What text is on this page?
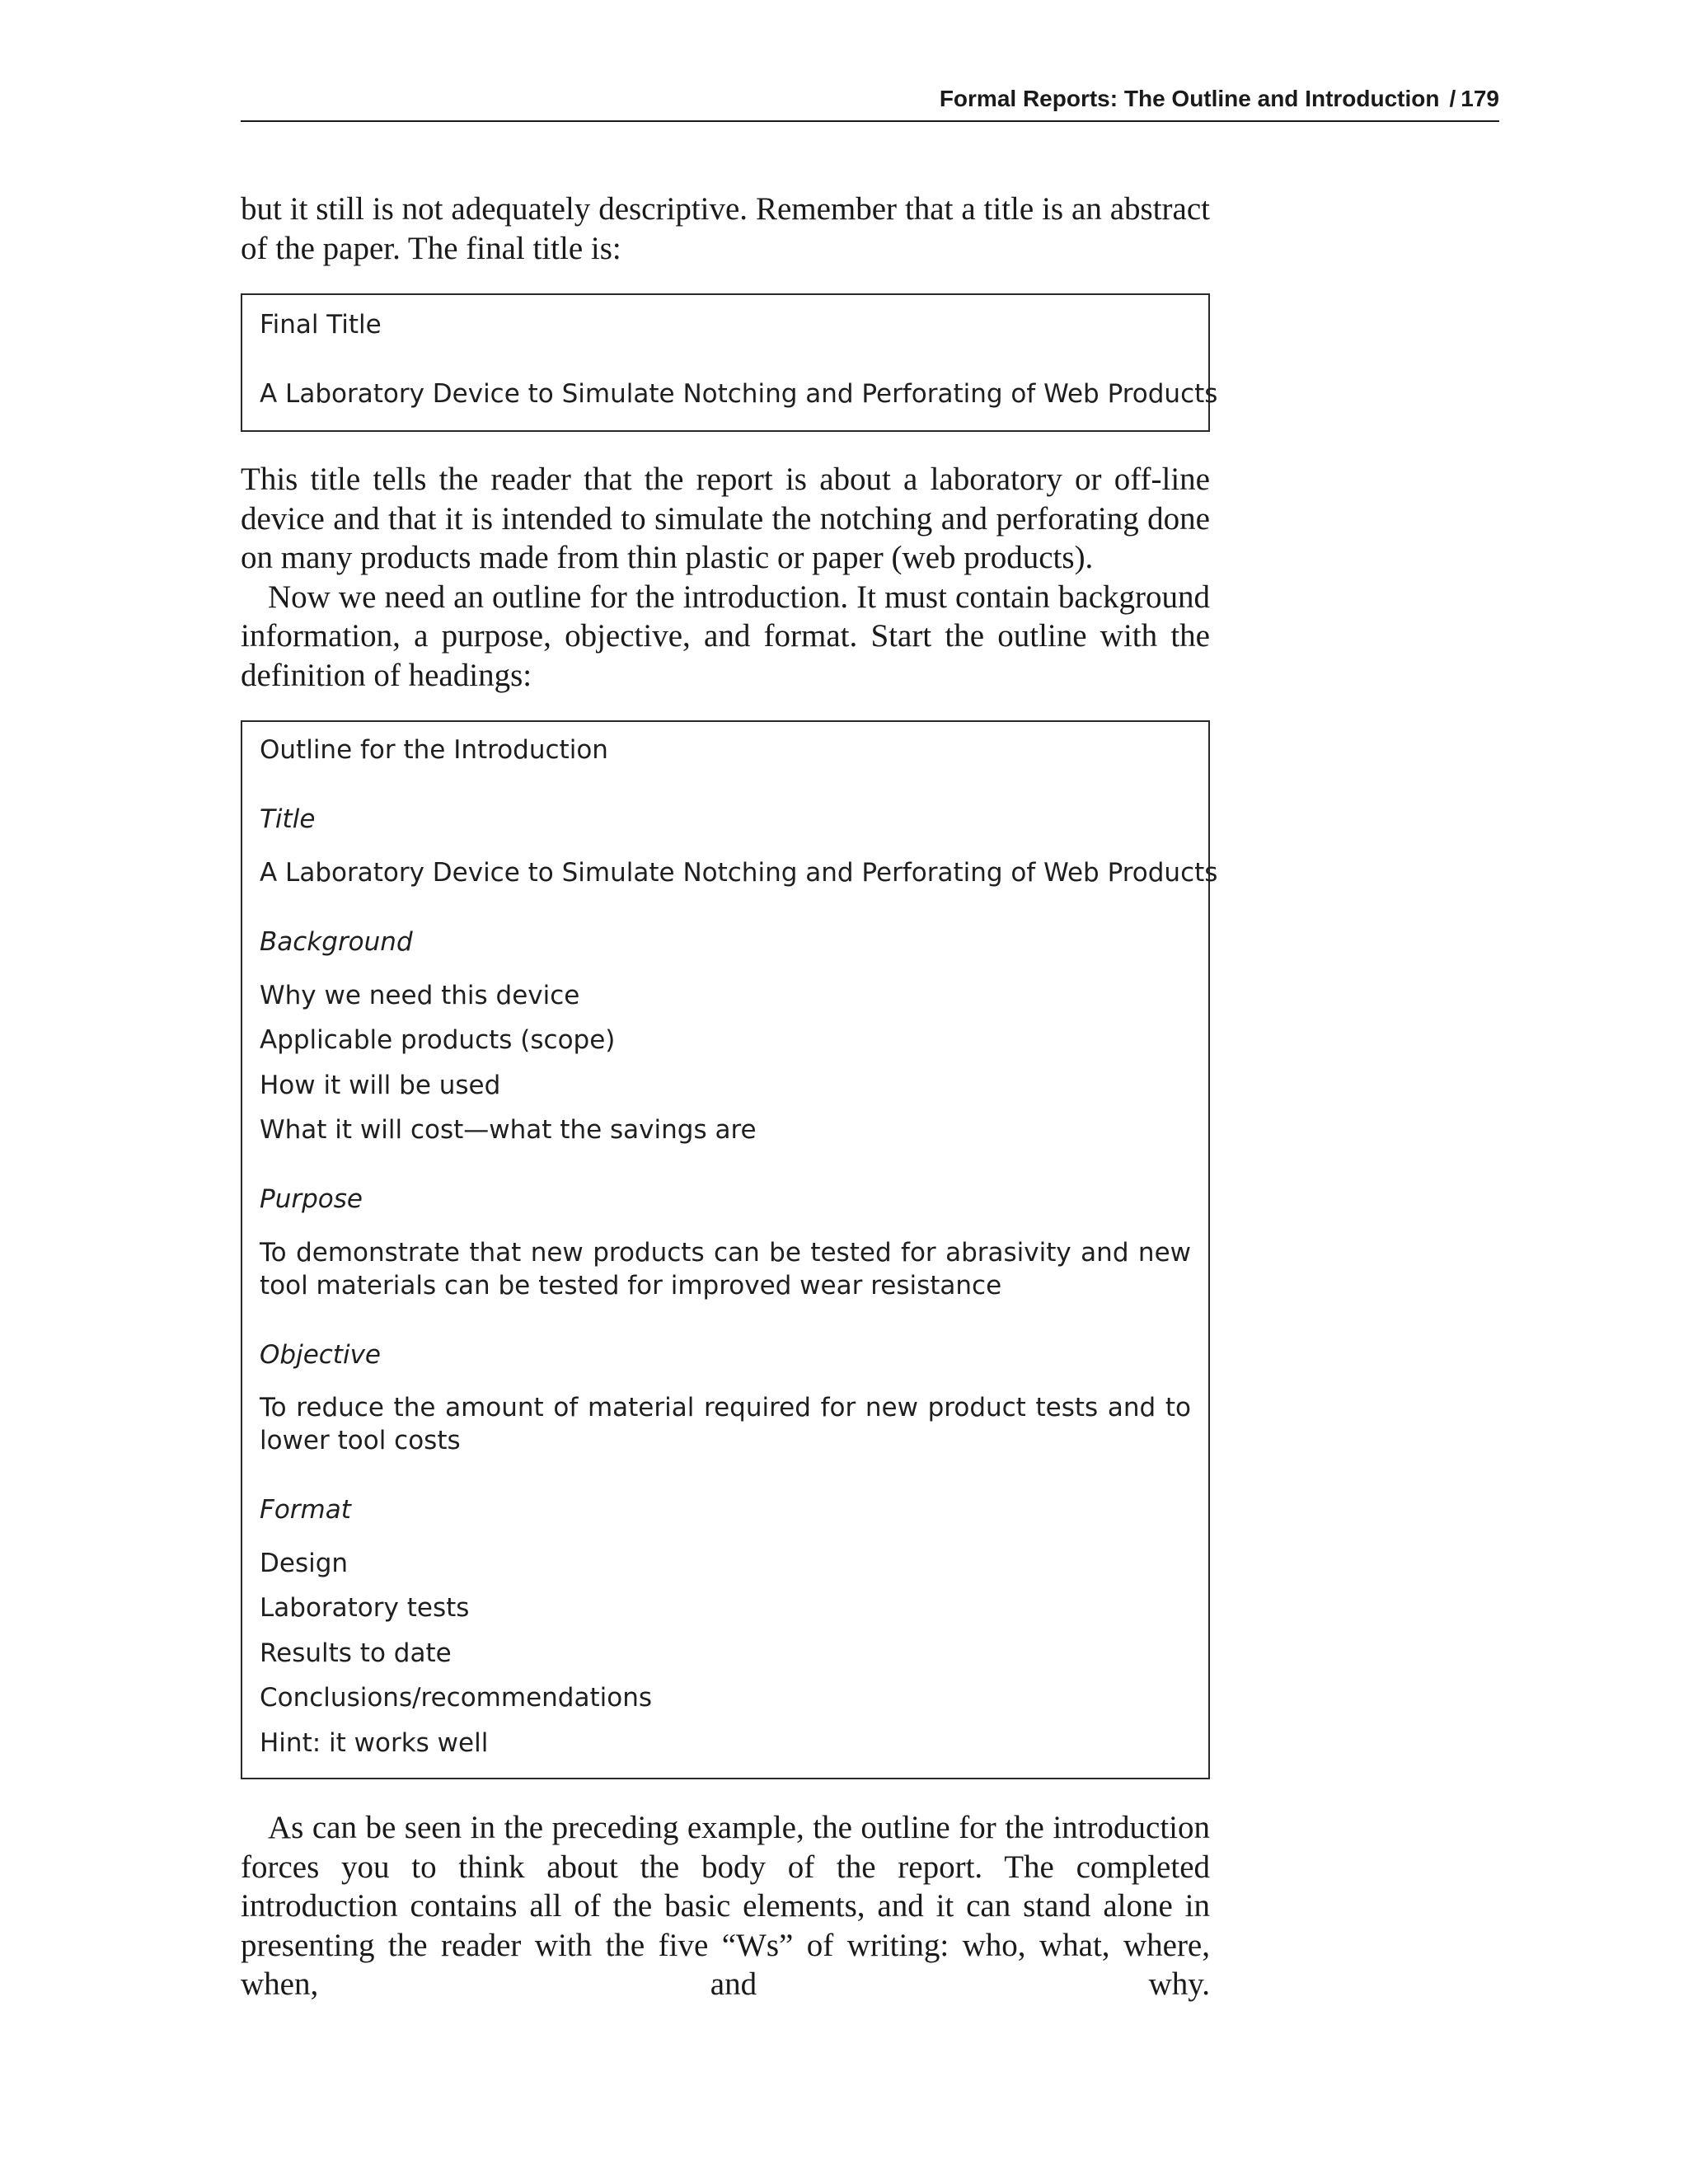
Formal Reports: The Outline and Introduction / 179

but it still is not adequately descriptive. Remember that a title is an abstract of the paper. The final title is:

Final Title
A Laboratory Device to Simulate Notching and Perforating of Web Products

This title tells the reader that the report is about a laboratory or off-line device and that it is intended to simulate the notching and perforating done on many products made from thin plastic or paper (web products).

Now we need an outline for the introduction. It must contain background information, a purpose, objective, and format. Start the outline with the definition of headings:

Outline for the Introduction
Title
A Laboratory Device to Simulate Notching and Perforating of Web Products
Background
Why we need this device
Applicable products (scope)
How it will be used
What it will cost—what the savings are
Purpose
To demonstrate that new products can be tested for abrasivity and new tool materials can be tested for improved wear resistance
Objective
To reduce the amount of material required for new product tests and to lower tool costs
Format
Design
Laboratory tests
Results to date
Conclusions/recommendations
Hint: it works well

As can be seen in the preceding example, the outline for the introduction forces you to think about the body of the report. The completed introduction contains all of the basic elements, and it can stand alone in presenting the reader with the five “Ws” of writing: who, what, where, when, and why.
